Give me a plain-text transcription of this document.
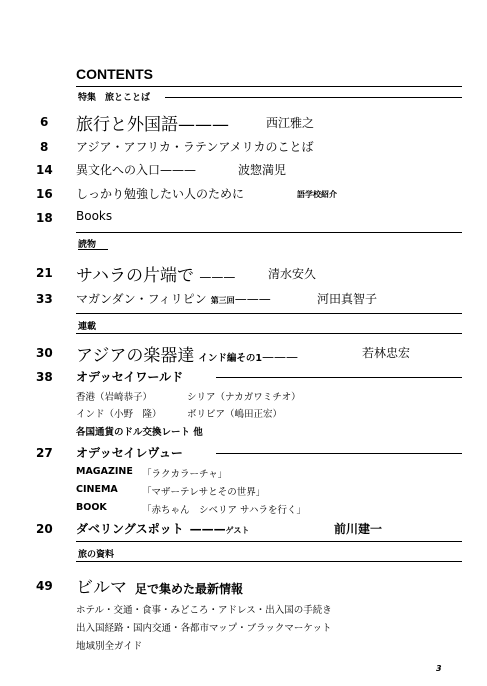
CONTENTS
特集　旅とことば
6 旅行と外国語———	西江雅之
8 アジア・アフリカ・ラテンアメリカのことば
14 異文化への入口———	波惣満児
16 しっかり勉強したい人のために	語学校紹介
18 Books
読物
21 サハラの片端で ———	清水安久
33 マガンダン・フィリピン 第三回———	河田真智子
連載
30 アジアの楽器達 インド編その1———	若林忠宏
38 オデッセイワールド
香港（岩崎恭子）	シリア（ナカガワミチオ）
インド（小野　隆）	ボリビア（嶋田正宏）
各国通貨のドル交換レート 他
27 オデッセイレヴュー
MAGAZINE 「ラクカラーチャ」
CINEMA	「マザーテレサとその世界」
BOOK	「赤ちゃん　シベリア サハラを行く」
20 ダベリングスポット ———ゲスト	前川建一
旅の資料
49 ビルマ 足で集めた最新情報
ホテル・交通・食事・みどころ・アドレス・出入国の手続き
出入国経路・国内交通・各都市マップ・ブラックマーケット
地域別全ガイド
3
